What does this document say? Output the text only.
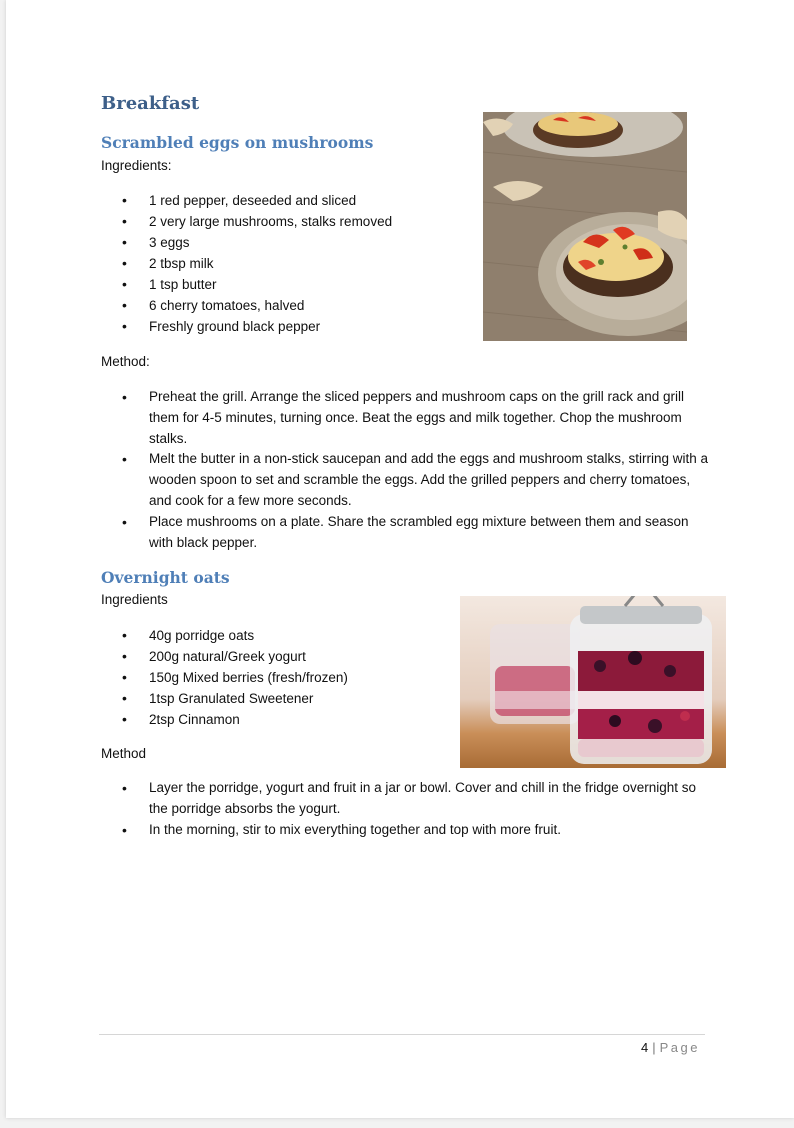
Breakfast
Scrambled eggs on mushrooms

Ingredients:

• 1 red pepper, deseeded and sliced
• 2 very large mushrooms, stalks removed
• 3 eggs
• 2 tbsp milk
• 1 tsp butter
• 6 cherry tomatoes, halved
• Freshly ground black pepper

Method:

• Preheat the grill. Arrange the sliced peppers and mushroom caps on the grill rack and grill them for 4-5 minutes, turning once. Beat the eggs and milk together. Chop the mushroom stalks.
• Melt the butter in a non-stick saucepan and add the eggs and mushroom stalks, stirring with a wooden spoon to set and scramble the eggs. Add the grilled peppers and cherry tomatoes, and cook for a few more seconds.
• Place mushrooms on a plate. Share the scrambled egg mixture between them and season with black pepper.
Overnight oats

Ingredients

• 40g porridge oats
• 200g natural/Greek yogurt
• 150g Mixed berries (fresh/frozen)
• 1tsp Granulated Sweetener
• 2tsp Cinnamon

Method

• Layer the porridge, yogurt and fruit in a jar or bowl. Cover and chill in the fridge overnight so the porridge absorbs the yogurt.
• In the morning, stir to mix everything together and top with more fruit.
4 | Page
